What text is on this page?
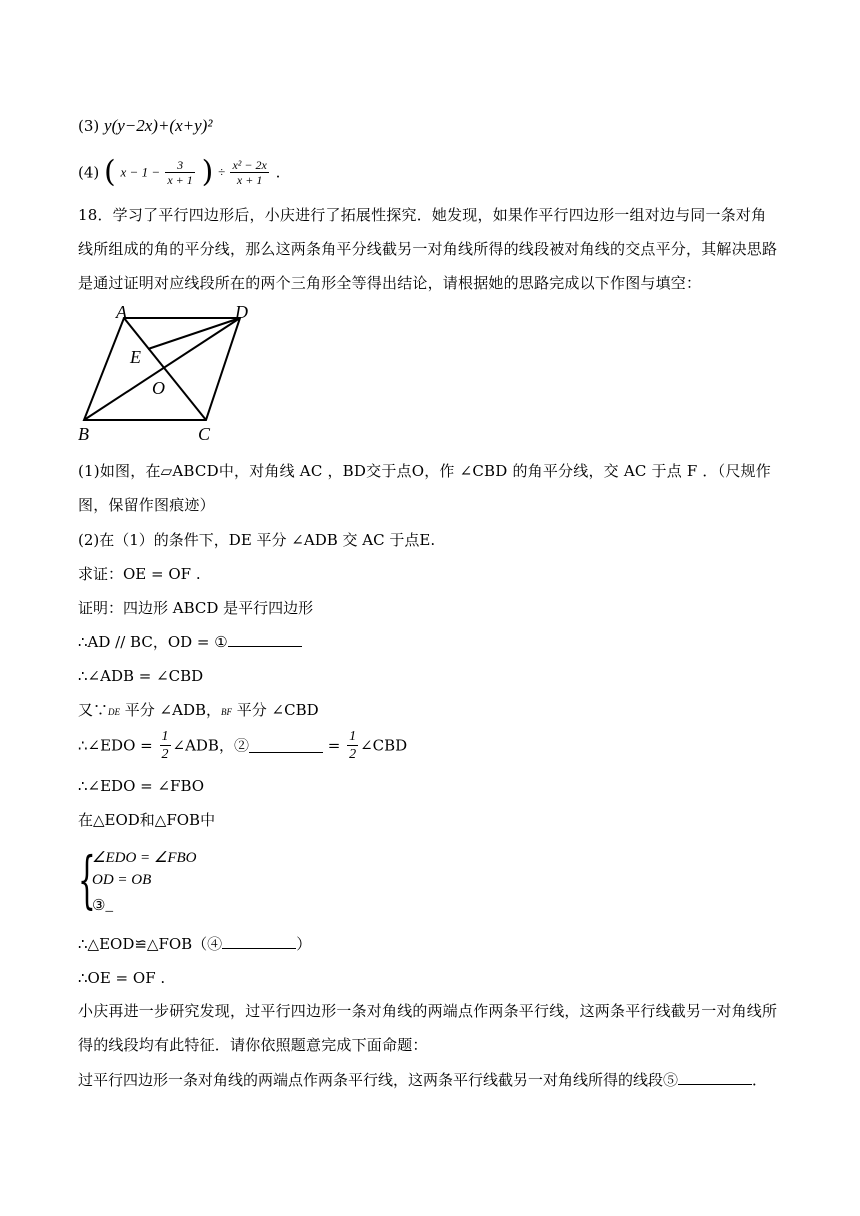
(3) y(y−2x)+(x+y)²
(4) ( $x - 1 - \frac{3}{x + 1}$ ) ÷ $\frac{\text{x² − 2x}}{x + 1}$ .
18．学习了平行四边形后，小庆进行了拓展性探究．她发现，如果作平行四边形一组对边与同一条对角线所组成的角的平分线，那么这两条角平分线截另一对角线所得的线段被对角线的交点平分，其解决思路是通过证明对应线段所在的两个三角形全等得出结论，请根据她的思路完成以下作图与填空：
A	D
E
O
B	C
(1)如图，在▱ABCD中，对角线 AC ，BD交于点O，作 ∠CBD 的角平分线，交 AC 于点 F ．（尺规作图，保留作图痕迹）
(2)在（1）的条件下，DE 平分 ∠ADB 交 AC 于点E.
求证：OE = OF .
证明：四边形 ABCD 是平行四边形
∴AD // BC，OD = ①
∴∠ADB = ∠CBD
又∵DE 平分 ∠ADB，BF 平分 ∠CBD
∴∠EDO = $\frac{1}{2}$ ∠ADB，②	= $\frac{1}{2}$ ∠CBD
∴∠EDO = ∠FBO
在△EOD和△FOB中
{
∠EDO = ∠FBO
OD = OB
③_
∴△EOD≌△FOB（④	）
∴OE = OF .
小庆再进一步研究发现，过平行四边形一条对角线的两端点作两条平行线，这两条平行线截另一对角线所得的线段均有此特征．请你依照题意完成下面命题：
过平行四边形一条对角线的两端点作两条平行线，这两条平行线截另一对角线所得的线段⑤	．
